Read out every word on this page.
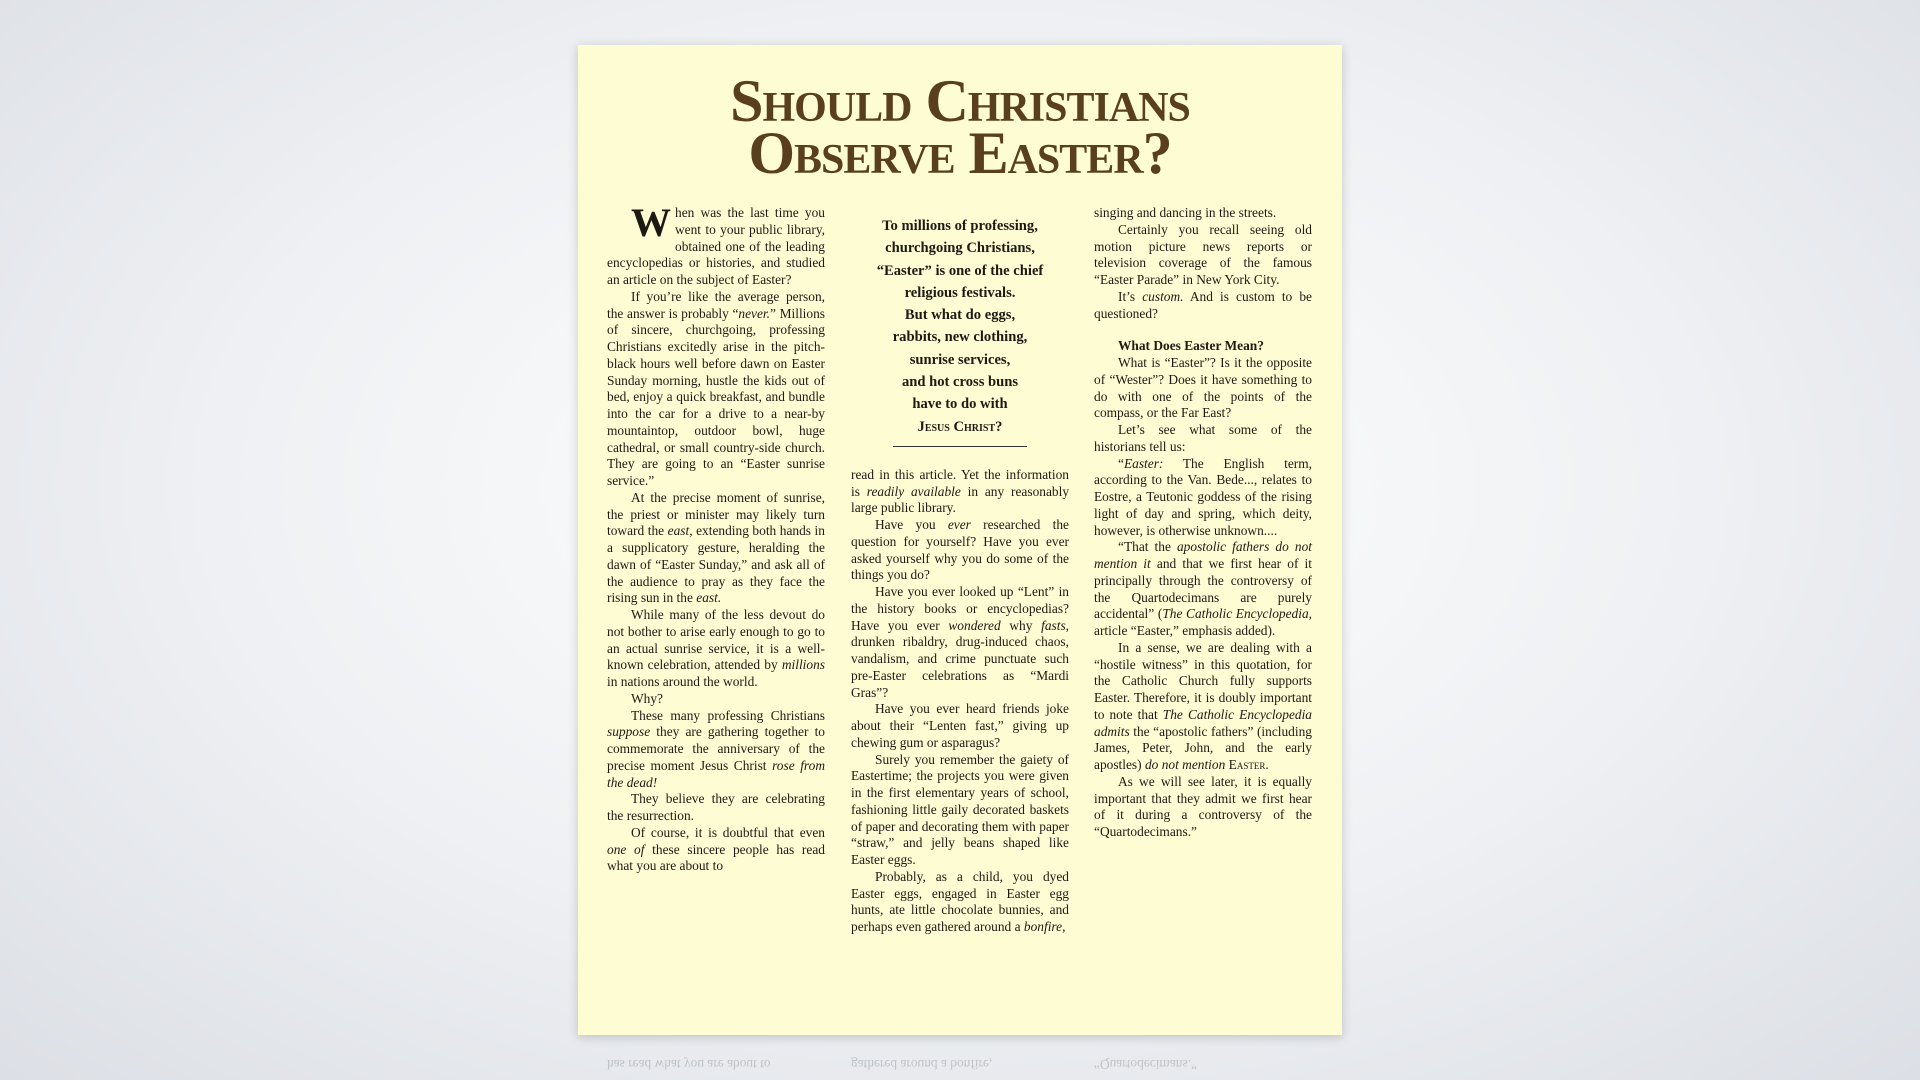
Should Christians
Observe Easter?

When was the last time you went to your public library, obtained one of the leading encyclopedias or histories, and studied an article on the subject of Easter?

If you’re like the average person, the answer is probably “never.” Millions of sincere, churchgoing, professing Christians excitedly arise in the pitch-black hours well before dawn on Easter Sunday morning, hustle the kids out of bed, enjoy a quick breakfast, and bundle into the car for a drive to a near-by mountaintop, outdoor bowl, huge cathedral, or small country-side church. They are going to an “Easter sunrise service.”

At the precise moment of sunrise, the priest or minister may likely turn toward the east, extending both hands in a supplicatory gesture, heralding the dawn of “Easter Sunday,” and ask all of the audience to pray as they face the rising sun in the east.

While many of the less devout do not bother to arise early enough to go to an actual sunrise service, it is a well-known celebration, attended by millions in nations around the world.

Why?

These many professing Christians suppose they are gathering together to commemorate the anniversary of the precise moment Jesus Christ rose from the dead!

They believe they are celebrating the resurrection.

Of course, it is doubtful that even one of these sincere people has read what you are about to

To millions of professing,
churchgoing Christians,
“Easter” is one of the chief
religious festivals.
But what do eggs,
rabbits, new clothing,
sunrise services,
and hot cross buns
have to do with
Jesus Christ?

read in this article. Yet the information is readily available in any reasonably large public library.

Have you ever researched the question for yourself? Have you ever asked yourself why you do some of the things you do?

Have you ever looked up “Lent” in the history books or encyclopedias? Have you ever wondered why fasts, drunken ribaldry, drug-induced chaos, vandalism, and crime punctuate such pre-Easter celebrations as “Mardi Gras”?

Have you ever heard friends joke about their “Lenten fast,” giving up chewing gum or asparagus?

Surely you remember the gaiety of Eastertime; the projects you were given in the first elementary years of school, fashioning little gaily decorated baskets of paper and decorating them with paper “straw,” and jelly beans shaped like Easter eggs.

Probably, as a child, you dyed Easter eggs, engaged in Easter egg hunts, ate little chocolate bunnies, and perhaps even gathered around a bonfire,

singing and dancing in the streets.

Certainly you recall seeing old motion picture news reports or television coverage of the famous “Easter Parade” in New York City.

It’s custom. And is custom to be questioned?

What Does Easter Mean?

What is “Easter”? Is it the opposite of “Wester”? Does it have something to do with one of the points of the compass, or the Far East?

Let’s see what some of the historians tell us:

“Easter: The English term, according to the Van. Bede..., relates to Eostre, a Teutonic goddess of the rising light of day and spring, which deity, however, is otherwise unknown....

“That the apostolic fathers do not mention it and that we first hear of it principally through the controversy of the Quartodecimans are purely accidental” (The Catholic Encyclopedia, article “Easter,” emphasis added).

In a sense, we are dealing with a “hostile witness” in this quotation, for the Catholic Church fully supports Easter. Therefore, it is doubly important to note that The Catholic Encyclopedia admits the “apostolic fathers” (including James, Peter, John, and the early apostles) do not mention Easter.

As we will see later, it is equally important that they admit we first hear of it during a controversy of the “Quartodecimans.”

has read what you are about to	gathered around a bonfire,	“Quartodecimans.”
